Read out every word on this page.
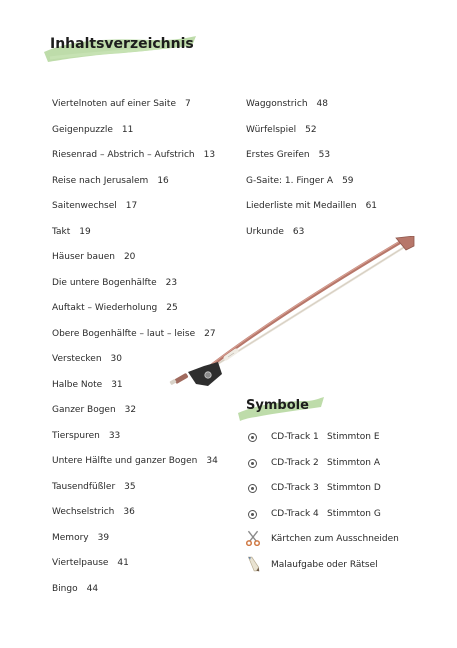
Inhaltsverzeichnis
Viertelnoten auf einer Saite 7
Geigenpuzzle 11
Riesenrad – Abstrich – Aufstrich 13
Reise nach Jerusalem 16
Saitenwechsel 17
Takt 19
Häuser bauen 20
Die untere Bogenhälfte 23
Auftakt – Wiederholung 25
Obere Bogenhälfte – laut – leise 27
Verstecken 30
Halbe Note 31
Ganzer Bogen 32
Tierspuren 33
Untere Hälfte und ganzer Bogen 34
Tausendfüßler 35
Wechselstrich 36
Memory 39
Viertelpause 41
Bingo 44
Waggonstrich 48
Würfelspiel 52
Erstes Greifen 53
G-Saite: 1. Finger A 59
Liederliste mit Medaillen 61
Urkunde 63
Symbole
CD-Track 1 Stimmton E
CD-Track 2 Stimmton A
CD-Track 3 Stimmton D
CD-Track 4 Stimmton G
Kärtchen zum Ausschneiden
Malaufgabe oder Rätsel
